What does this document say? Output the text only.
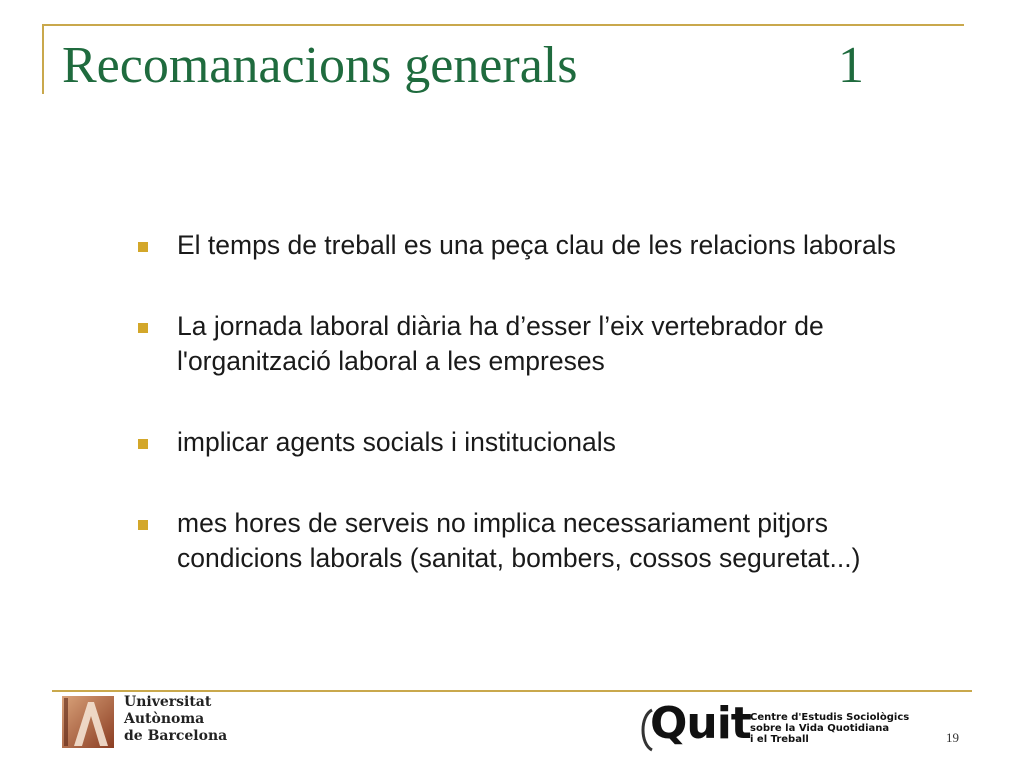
Recomanacions generals	1
El temps de treball es una peça clau de les relacions laborals
La jornada laboral diària ha d’esser l’eix vertebrador de l'organització laboral a les empreses
implicar agents socials i institucionals
mes hores de serveis no implica necessariament pitjors condicions laborals (sanitat, bombers, cossos seguretat...)
Universitat
Autònoma
de Barcelona	Quit Centre d'Estudis Sociològics
sobre la Vida Quotidiana
i el Treball	19
